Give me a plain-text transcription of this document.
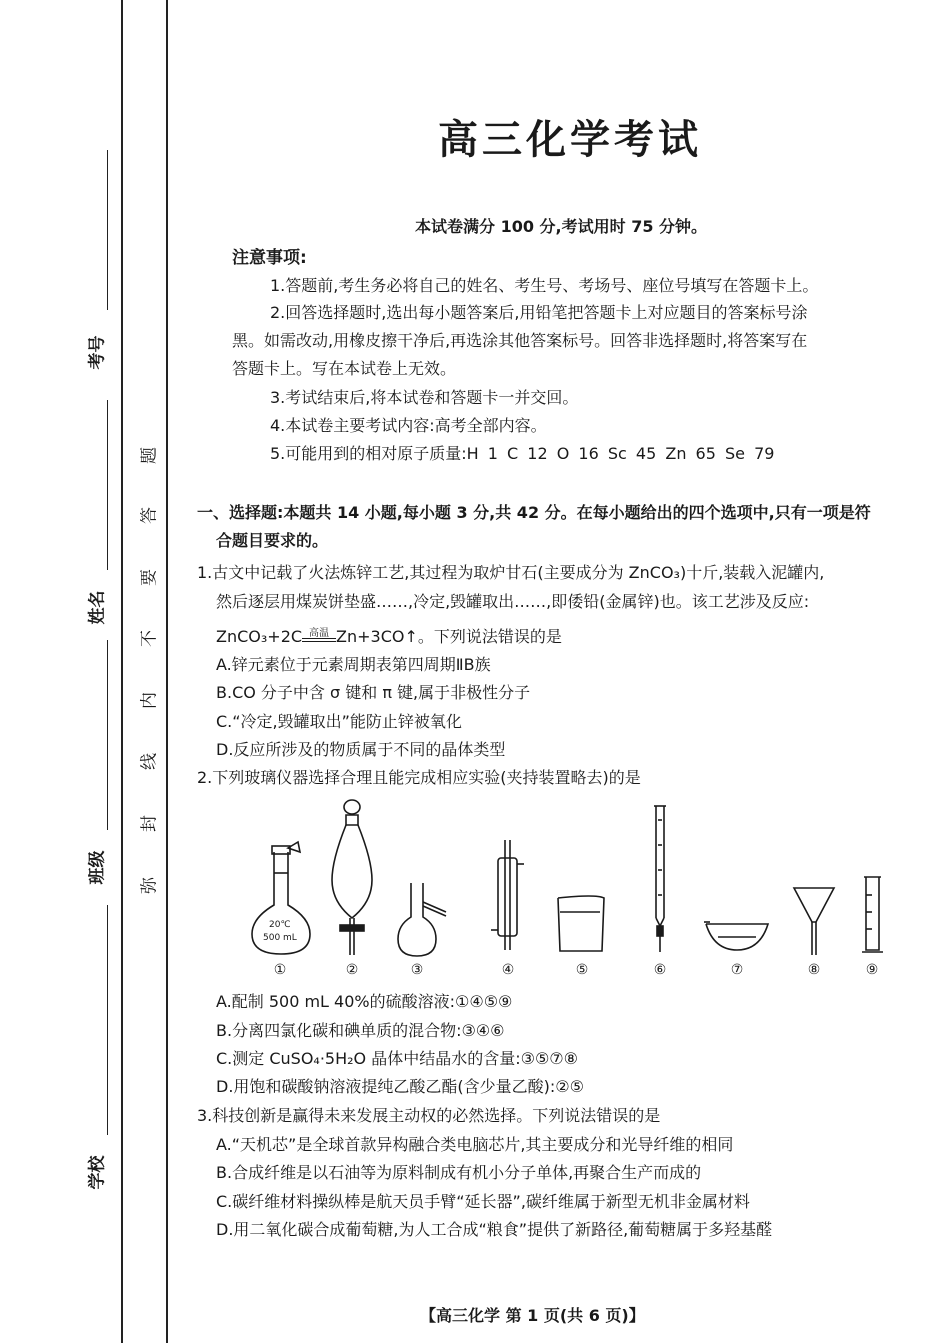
考号
姓名
班级
学校
题
答
要
不
内
线
封
弥
高三化学考试
本试卷满分 100 分,考试用时 75 分钟。
注意事项:
1.答题前,考生务必将自己的姓名、考生号、考场号、座位号填写在答题卡上。
2.回答选择题时,选出每小题答案后,用铅笔把答题卡上对应题目的答案标号涂
黑。如需改动,用橡皮擦干净后,再选涂其他答案标号。回答非选择题时,将答案写在
答题卡上。写在本试卷上无效。
3.考试结束后,将本试卷和答题卡一并交回。
4.本试卷主要考试内容:高考全部内容。
5.可能用到的相对原子质量:H 1 C 12 O 16 Sc 45 Zn 65 Se 79
一、选择题:本题共 14 小题,每小题 3 分,共 42 分。在每小题给出的四个选项中,只有一项是符
合题目要求的。
1.古文中记载了火法炼锌工艺,其过程为取炉甘石(主要成分为 ZnCO₃)十斤,装载入泥罐内,
然后逐层用煤炭饼垫盛……,冷定,毁罐取出……,即倭铅(金属锌)也。该工艺涉及反应:
ZnCO₃+2C 高温 Zn+3CO↑。下列说法错误的是
A.锌元素位于元素周期表第四周期ⅡB族
B.CO 分子中含 σ 键和 π 键,属于非极性分子
C.“冷定,毁罐取出”能防止锌被氧化
D.反应所涉及的物质属于不同的晶体类型
2.下列玻璃仪器选择合理且能完成相应实验(夹持装置略去)的是
20℃
500 mL
①	②	③	④	⑤	⑥	⑦	⑧	⑨
A.配制 500 mL 40%的硫酸溶液:①④⑤⑨
B.分离四氯化碳和碘单质的混合物:③④⑥
C.测定 CuSO₄·5H₂O 晶体中结晶水的含量:③⑤⑦⑧
D.用饱和碳酸钠溶液提纯乙酸乙酯(含少量乙酸):②⑤
3.科技创新是赢得未来发展主动权的必然选择。下列说法错误的是
A.“天机芯”是全球首款异构融合类电脑芯片,其主要成分和光导纤维的相同
B.合成纤维是以石油等为原料制成有机小分子单体,再聚合生产而成的
C.碳纤维材料操纵棒是航天员手臂“延长器”,碳纤维属于新型无机非金属材料
D.用二氧化碳合成葡萄糖,为人工合成“粮食”提供了新路径,葡萄糖属于多羟基醛
【高三化学 第 1 页(共 6 页)】
